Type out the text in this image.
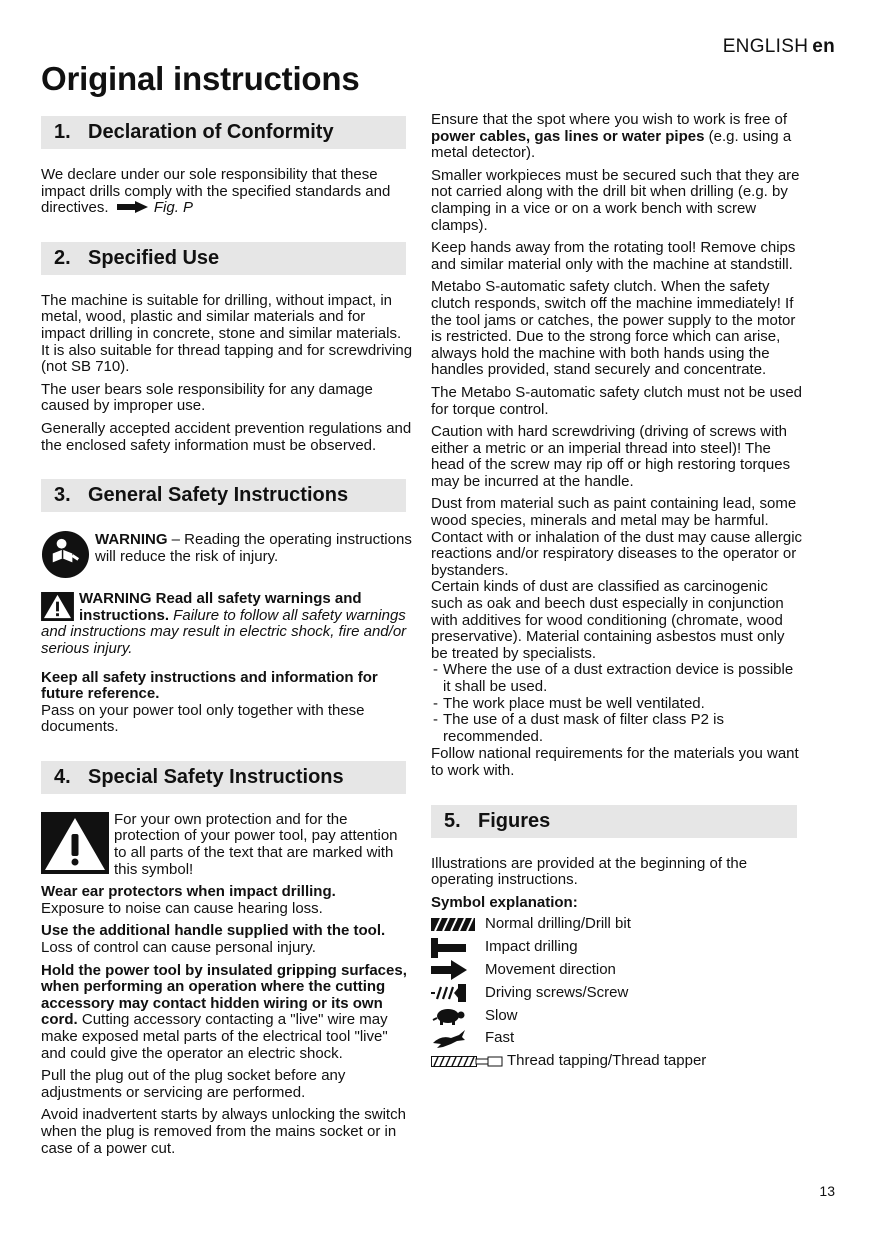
ENGLISH en
Original instructions
1. Declaration of Conformity

We declare under our sole responsibility that these impact drills comply with the specified standards and directives.	Fig. P

2. Specified Use

The machine is suitable for drilling, without impact, in metal, wood, plastic and similar materials and for impact drilling in concrete, stone and similar materials. It is also suitable for thread tapping and for screwdriving (not SB 710).

The user bears sole responsibility for any damage caused by improper use.

Generally accepted accident prevention regulations and the enclosed safety information must be observed.

3. General Safety Instructions
WARNING – Reading the operating instructions will reduce the risk of injury.

WARNING Read all safety warnings and instructions. Failure to follow all safety warnings and instructions may result in electric shock, fire and/or serious injury.

Keep all safety instructions and information for future reference.
Pass on your power tool only together with these documents.

4. Special Safety Instructions
For your own protection and for the protection of your power tool, pay attention to all parts of the text that are marked with this symbol!

Wear ear protectors when impact drilling.
Exposure to noise can cause hearing loss.

Use the additional handle supplied with the tool. Loss of control can cause personal injury.

Hold the power tool by insulated gripping surfaces, when performing an operation where the cutting accessory may contact hidden wiring or its own cord. Cutting accessory contacting a "live" wire may make exposed metal parts of the electrical tool "live" and could give the operator an electric shock.

Pull the plug out of the plug socket before any adjustments or servicing are performed.

Avoid inadvertent starts by always unlocking the switch when the plug is removed from the mains socket or in case of a power cut.

Ensure that the spot where you wish to work is free of power cables, gas lines or water pipes (e.g. using a metal detector).

Smaller workpieces must be secured such that they are not carried along with the drill bit when drilling (e.g. by clamping in a vice or on a work bench with screw clamps).

Keep hands away from the rotating tool! Remove chips and similar material only with the machine at standstill.

Metabo S-automatic safety clutch. When the safety clutch responds, switch off the machine immediately! If the tool jams or catches, the power supply to the motor is restricted. Due to the strong force which can arise, always hold the machine with both hands using the handles provided, stand securely and concentrate.

The Metabo S-automatic safety clutch must not be used for torque control.

Caution with hard screwdriving (driving of screws with either a metric or an imperial thread into steel)! The head of the screw may rip off or high restoring torques may be incurred at the handle.

Dust from material such as paint containing lead, some wood species, minerals and metal may be harmful. Contact with or inhalation of the dust may cause allergic reactions and/or respiratory diseases to the operator or bystanders.

Certain kinds of dust are classified as carcinogenic such as oak and beech dust especially in conjunction with additives for wood conditioning (chromate, wood preservative). Material containing asbestos must only be treated by specialists.

- Where the use of a dust extraction device is possible it shall be used.
- The work place must be well ventilated.
- The use of a dust mask of filter class P2 is recommended.

Follow national requirements for the materials you want to work with.

5. Figures

Illustrations are provided at the beginning of the operating instructions.

Symbol explanation:

Normal drilling/Drill bit
Impact drilling
Movement direction
Driving screws/Screw
Slow
Fast
Thread tapping/Thread tapper
13
